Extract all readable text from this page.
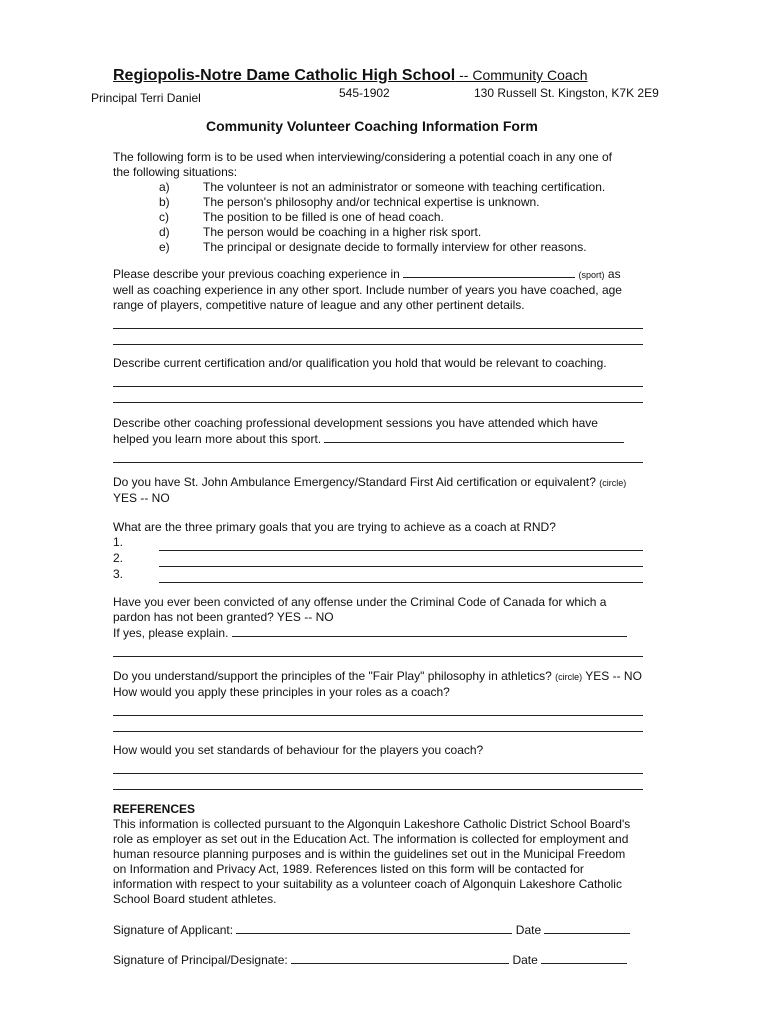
Regiopolis-Notre Dame Catholic High School -- Community Coach
Principal Terri Daniel	545-1902	130 Russell St. Kingston, K7K 2E9
Community Volunteer Coaching Information Form
The following form is to be used when interviewing/considering a potential coach in any one of
the following situations:
a)	The volunteer is not an administrator or someone with teaching certification.
b)	The person's philosophy and/or technical expertise is unknown.
c)	The position to be filled is one of head coach.
d)	The person would be coaching in a higher risk sport.
e)	The principal or designate decide to formally interview for other reasons.
Please describe your previous coaching experience in	(sport) as
well as coaching experience in any other sport. Include number of years you have coached, age
range of players, competitive nature of league and any other pertinent details.
Describe current certification and/or qualification you hold that would be relevant to coaching.
Describe other coaching professional development sessions you have attended which have
helped you learn more about this sport.
Do you have St. John Ambulance Emergency/Standard First Aid certification or equivalent? (circle)
YES -- NO
What are the three primary goals that you are trying to achieve as a coach at RND?
1.
2.
3.
Have you ever been convicted of any offense under the Criminal Code of Canada for which a
pardon has not been granted? YES -- NO
If yes, please explain.
Do you understand/support the principles of the "Fair Play" philosophy in athletics? (circle) YES -- NO
How would you apply these principles in your roles as a coach?
How would you set standards of behaviour for the players you coach?
REFERENCES
This information is collected pursuant to the Algonquin Lakeshore Catholic District School Board's
role as employer as set out in the Education Act. The information is collected for employment and
human resource planning purposes and is within the guidelines set out in the Municipal Freedom
on Information and Privacy Act, 1989. References listed on this form will be contacted for
information with respect to your suitability as a volunteer coach of Algonquin Lakeshore Catholic
School Board student athletes.
Signature of Applicant:	Date
Signature of Principal/Designate:	Date
